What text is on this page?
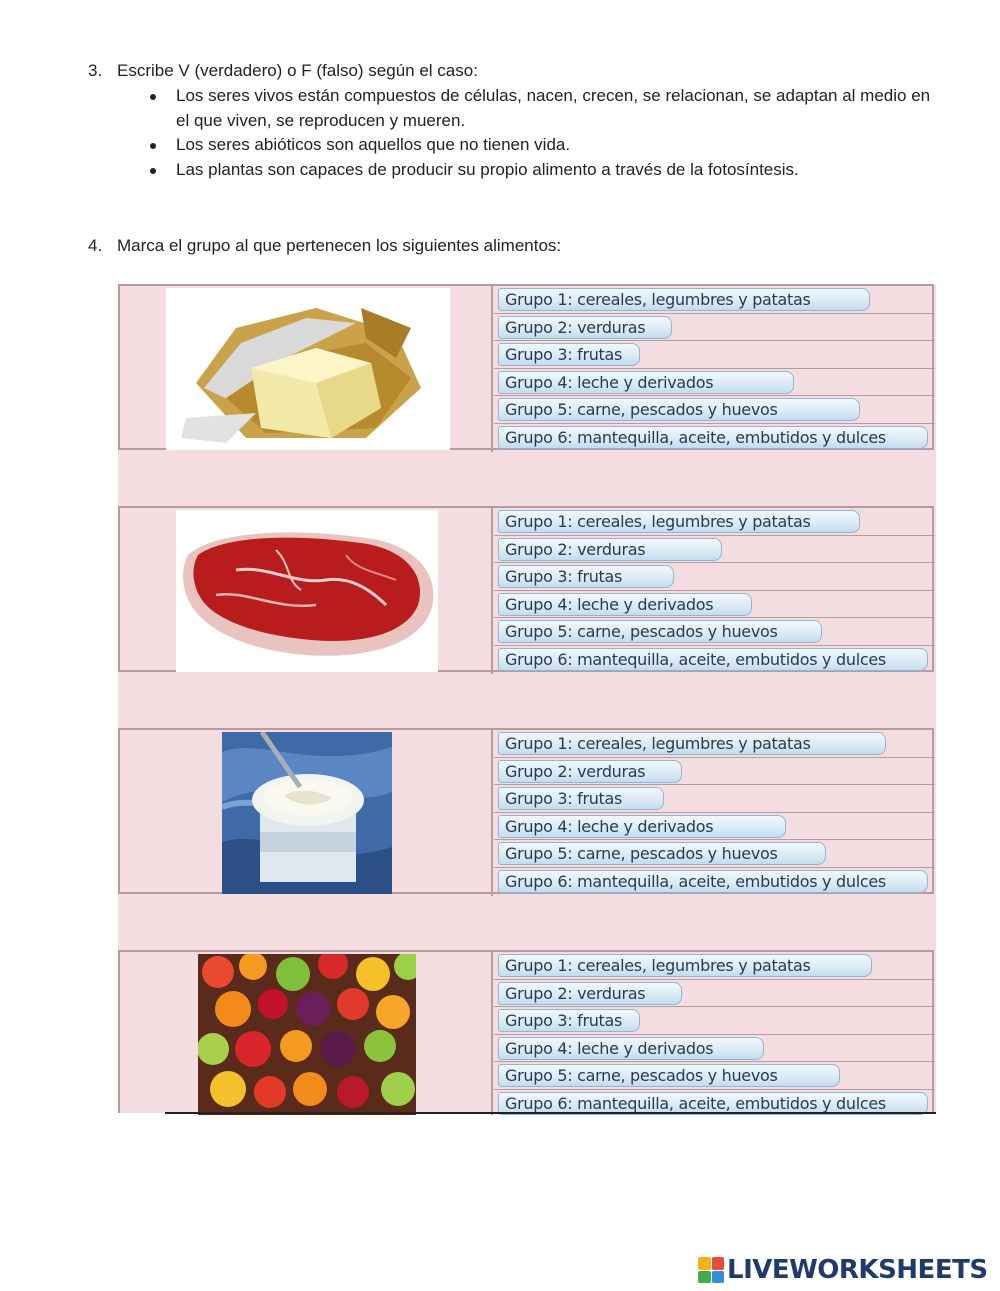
3. Escribe V (verdadero) o F (falso) según el caso:
Los seres vivos están compuestos de células, nacen, crecen, se relacionan, se adaptan al medio en el que viven, se reproducen y mueren.
Los seres abióticos son aquellos que no tienen vida.
Las plantas son capaces de producir su propio alimento a través de la fotosíntesis.
4. Marca el grupo al que pertenecen los siguientes alimentos:
Grupo 1: cereales, legumbres y patatas
Grupo 2: verduras
Grupo 3: frutas
Grupo 4: leche y derivados
Grupo 5: carne, pescados y huevos
Grupo 6: mantequilla, aceite, embutidos y dulces
Grupo 1: cereales, legumbres y patatas
Grupo 2: verduras
Grupo 3: frutas
Grupo 4: leche y derivados
Grupo 5: carne, pescados y huevos
Grupo 6: mantequilla, aceite, embutidos y dulces
Grupo 1: cereales, legumbres y patatas
Grupo 2: verduras
Grupo 3: frutas
Grupo 4: leche y derivados
Grupo 5: carne, pescados y huevos
Grupo 6: mantequilla, aceite, embutidos y dulces
Grupo 1: cereales, legumbres y patatas
Grupo 2: verduras
Grupo 3: frutas
Grupo 4: leche y derivados
Grupo 5: carne, pescados y huevos
Grupo 6: mantequilla, aceite, embutidos y dulces
LIVEWORKSHEETS
